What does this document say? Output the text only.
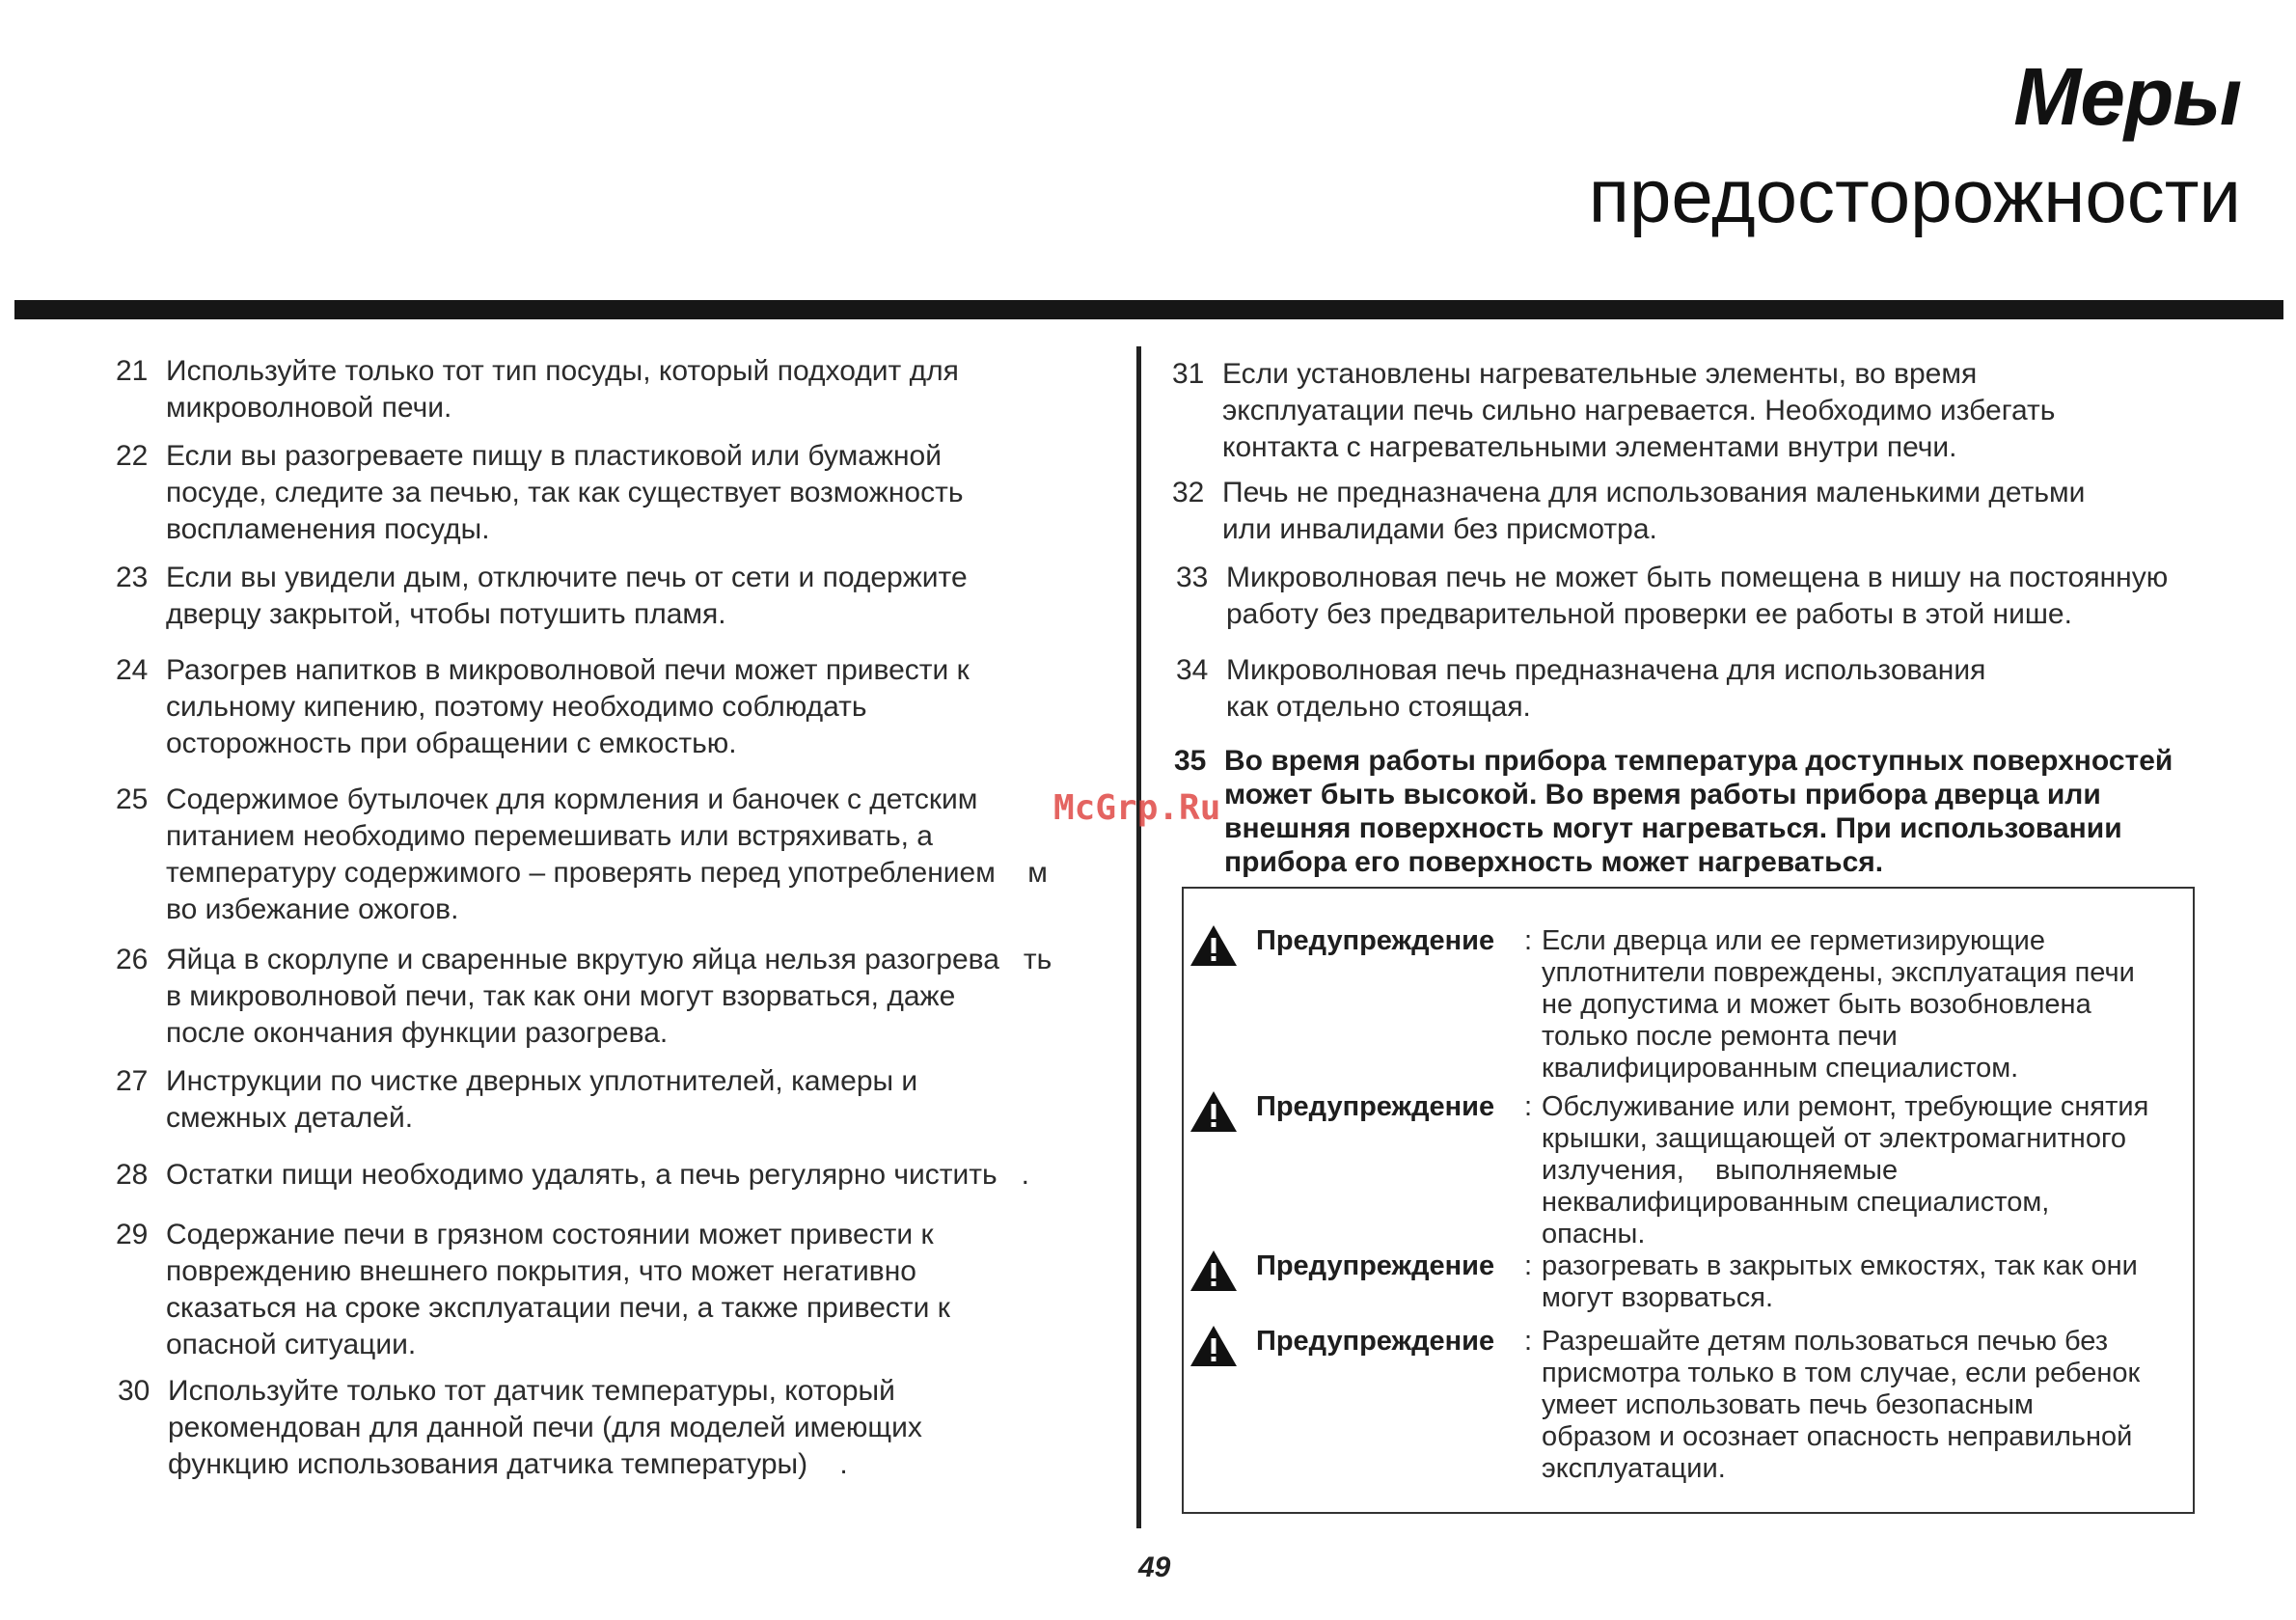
Меры
предосторожности
21 Используйте только тот тип посуды, который подходит для
микроволновой печи.
22 Если вы разогреваете пищу в пластиковой или бумажной
посуде, следите за печью, так как существует возможность
воспламенения посуды.
23 Если вы увидели дым, отключите печь от сети и подержите
дверцу закрытой, чтобы потушить пламя.
24 Разогрев напитков в микроволновой печи может привести к
сильному кипению, поэтому необходимо соблюдать
осторожность при обращении с емкостью.
25 Содержимое бутылочек для кормления и баночек с детским
питанием необходимо перемешивать или встряхивать, а
температуру содержимого – проверять перед употреблением    м
во избежание ожогов.
26 Яйца в скорлупе и сваренные вкрутую яйца нельзя разогрева   ть
в микроволновой печи, так как они могут взорваться, даже
после окончания функции разогрева.
27 Инструкции по чистке дверных уплотнителей, камеры и
смежных деталей.
28 Остатки пищи необходимо удалять, а печь регулярно чистить   .
29 Содержание печи в грязном состоянии может привести к
повреждению внешнего покрытия, что может негативно
сказаться на сроке эксплуатации печи, а также привести к
опасной ситуации.
30 Используйте только тот датчик температуры, который
рекомендован для данной печи (для моделей имеющих
функцию использования датчика температуры)    .
31 Если установлены нагревательные элементы, во время
эксплуатации печь сильно нагревается. Необходимо избегать
контакта с нагревательными элементами внутри печи.
32 Печь не предназначена для использования маленькими детьми
или инвалидами без присмотра.
33 Микроволновая печь не может быть помещена в нишу на постоянную
работу без предварительной проверки ее работы в этой нише.
34 Микроволновая печь предназначена для использования
как отдельно стоящая.
35 Во время работы прибора температура доступных поверхностей
может быть высокой. Во время работы прибора дверца или
внешняя поверхность могут нагреваться. При использовании
прибора его поверхность может нагреваться.
McGrp.Ru
Предупреждение : Если дверца или ее герметизирующие
уплотнители повреждены, эксплуатация печи
не допустима и может быть возобновлена
только после ремонта печи
квалифицированным специалистом.
Предупреждение : Обслуживание или ремонт, требующие снятия
крышки, защищающей от электромагнитного
излучения,    выполняемые
неквалифицированным специалистом,
опасны.
Предупреждение : разогревать в закрытых емкостях, так как они
могут взорваться.
Предупреждение : Разрешайте детям пользоваться печью без
присмотра только в том случае, если ребенок
умеет использовать печь безопасным
образом и осознает опасность неправильной
эксплуатации.
49
